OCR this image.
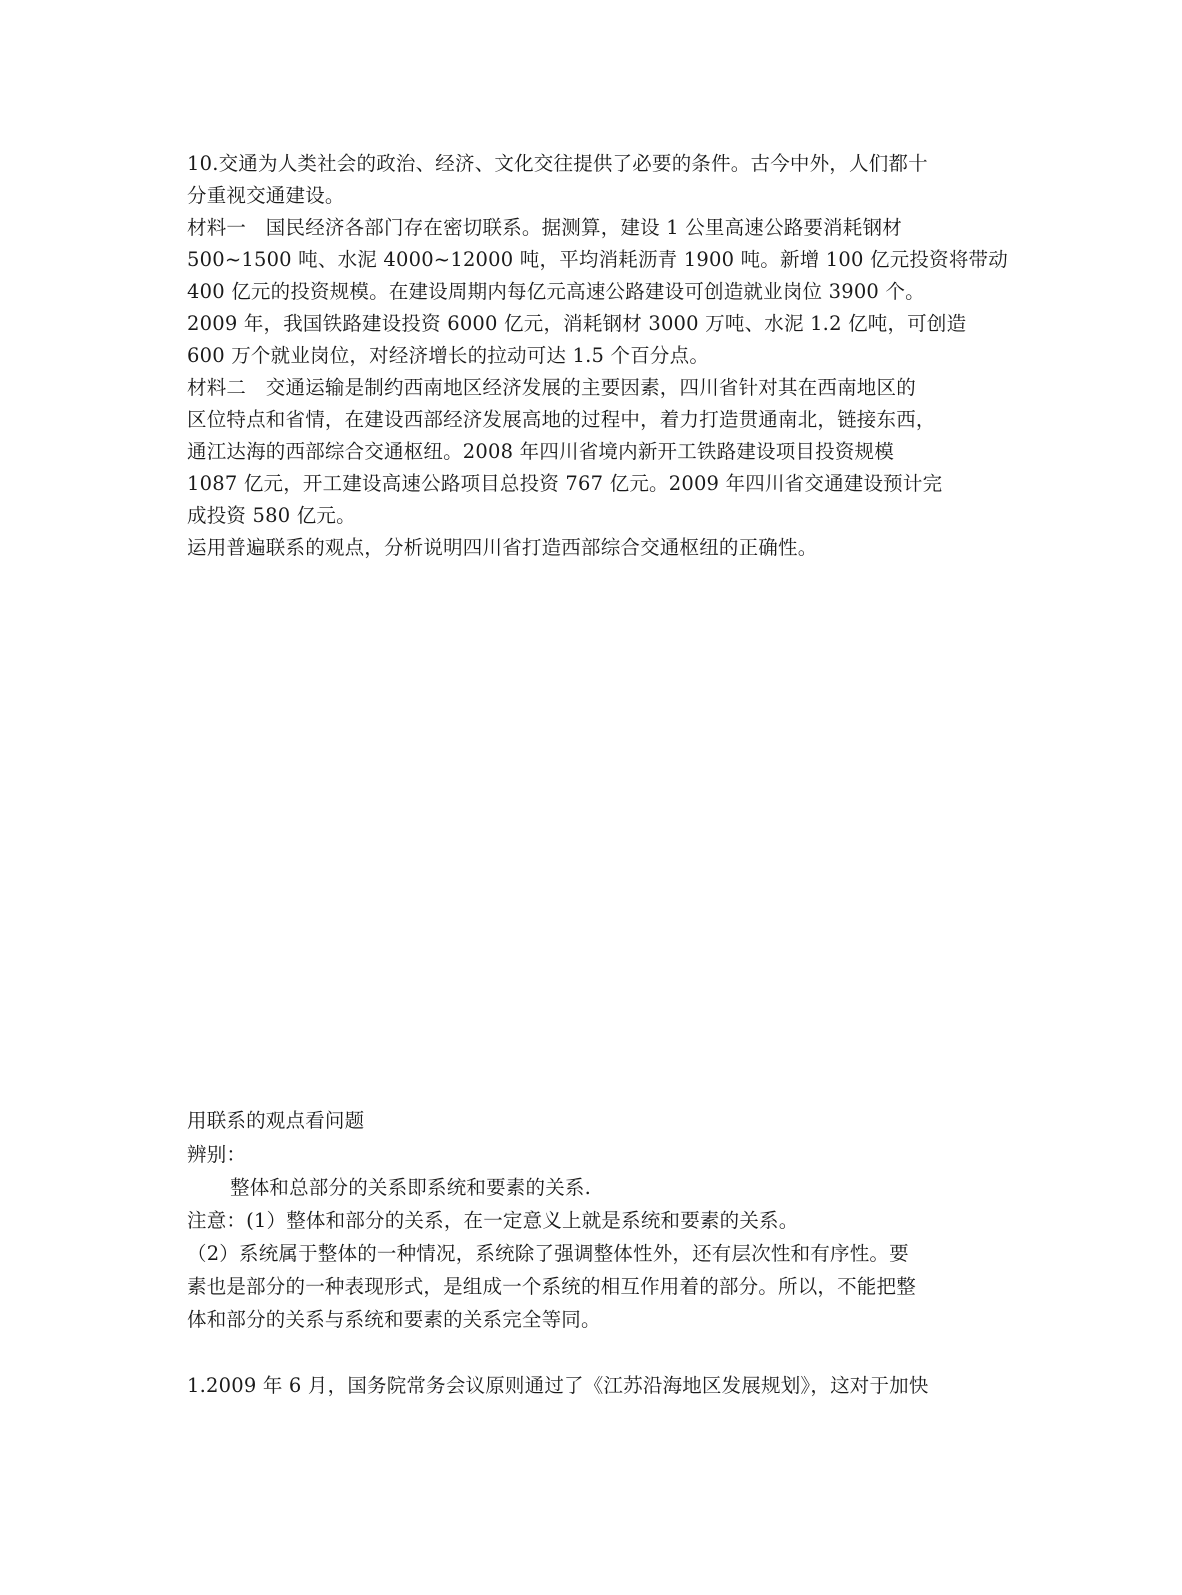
10.交通为人类社会的政治、经济、文化交往提供了必要的条件。古今中外，人们都十
分重视交通建设。
材料一　国民经济各部门存在密切联系。据测算，建设 1 公里高速公路要消耗钢材
500~1500 吨、水泥 4000~12000 吨，平均消耗沥青 1900 吨。新增 100 亿元投资将带动
400 亿元的投资规模。在建设周期内每亿元高速公路建设可创造就业岗位 3900 个。
2009 年，我国铁路建设投资 6000 亿元，消耗钢材 3000 万吨、水泥 1.2 亿吨，可创造
600 万个就业岗位，对经济增长的拉动可达 1.5 个百分点。
材料二　交通运输是制约西南地区经济发展的主要因素，四川省针对其在西南地区的
区位特点和省情，在建设西部经济发展高地的过程中，着力打造贯通南北，链接东西，
通江达海的西部综合交通枢纽。2008 年四川省境内新开工铁路建设项目投资规模
1087 亿元，开工建设高速公路项目总投资 767 亿元。2009 年四川省交通建设预计完
成投资 580 亿元。
运用普遍联系的观点，分析说明四川省打造西部综合交通枢纽的正确性。
用联系的观点看问题
辨别：
整体和总部分的关系即系统和要素的关系.
注意：(1）整体和部分的关系，在一定意义上就是系统和要素的关系。
（2）系统属于整体的一种情况，系统除了强调整体性外，还有层次性和有序性。要
素也是部分的一种表现形式，是组成一个系统的相互作用着的部分。所以，不能把整
体和部分的关系与系统和要素的关系完全等同。
1.2009 年 6 月，国务院常务会议原则通过了《江苏沿海地区发展规划》，这对于加快
